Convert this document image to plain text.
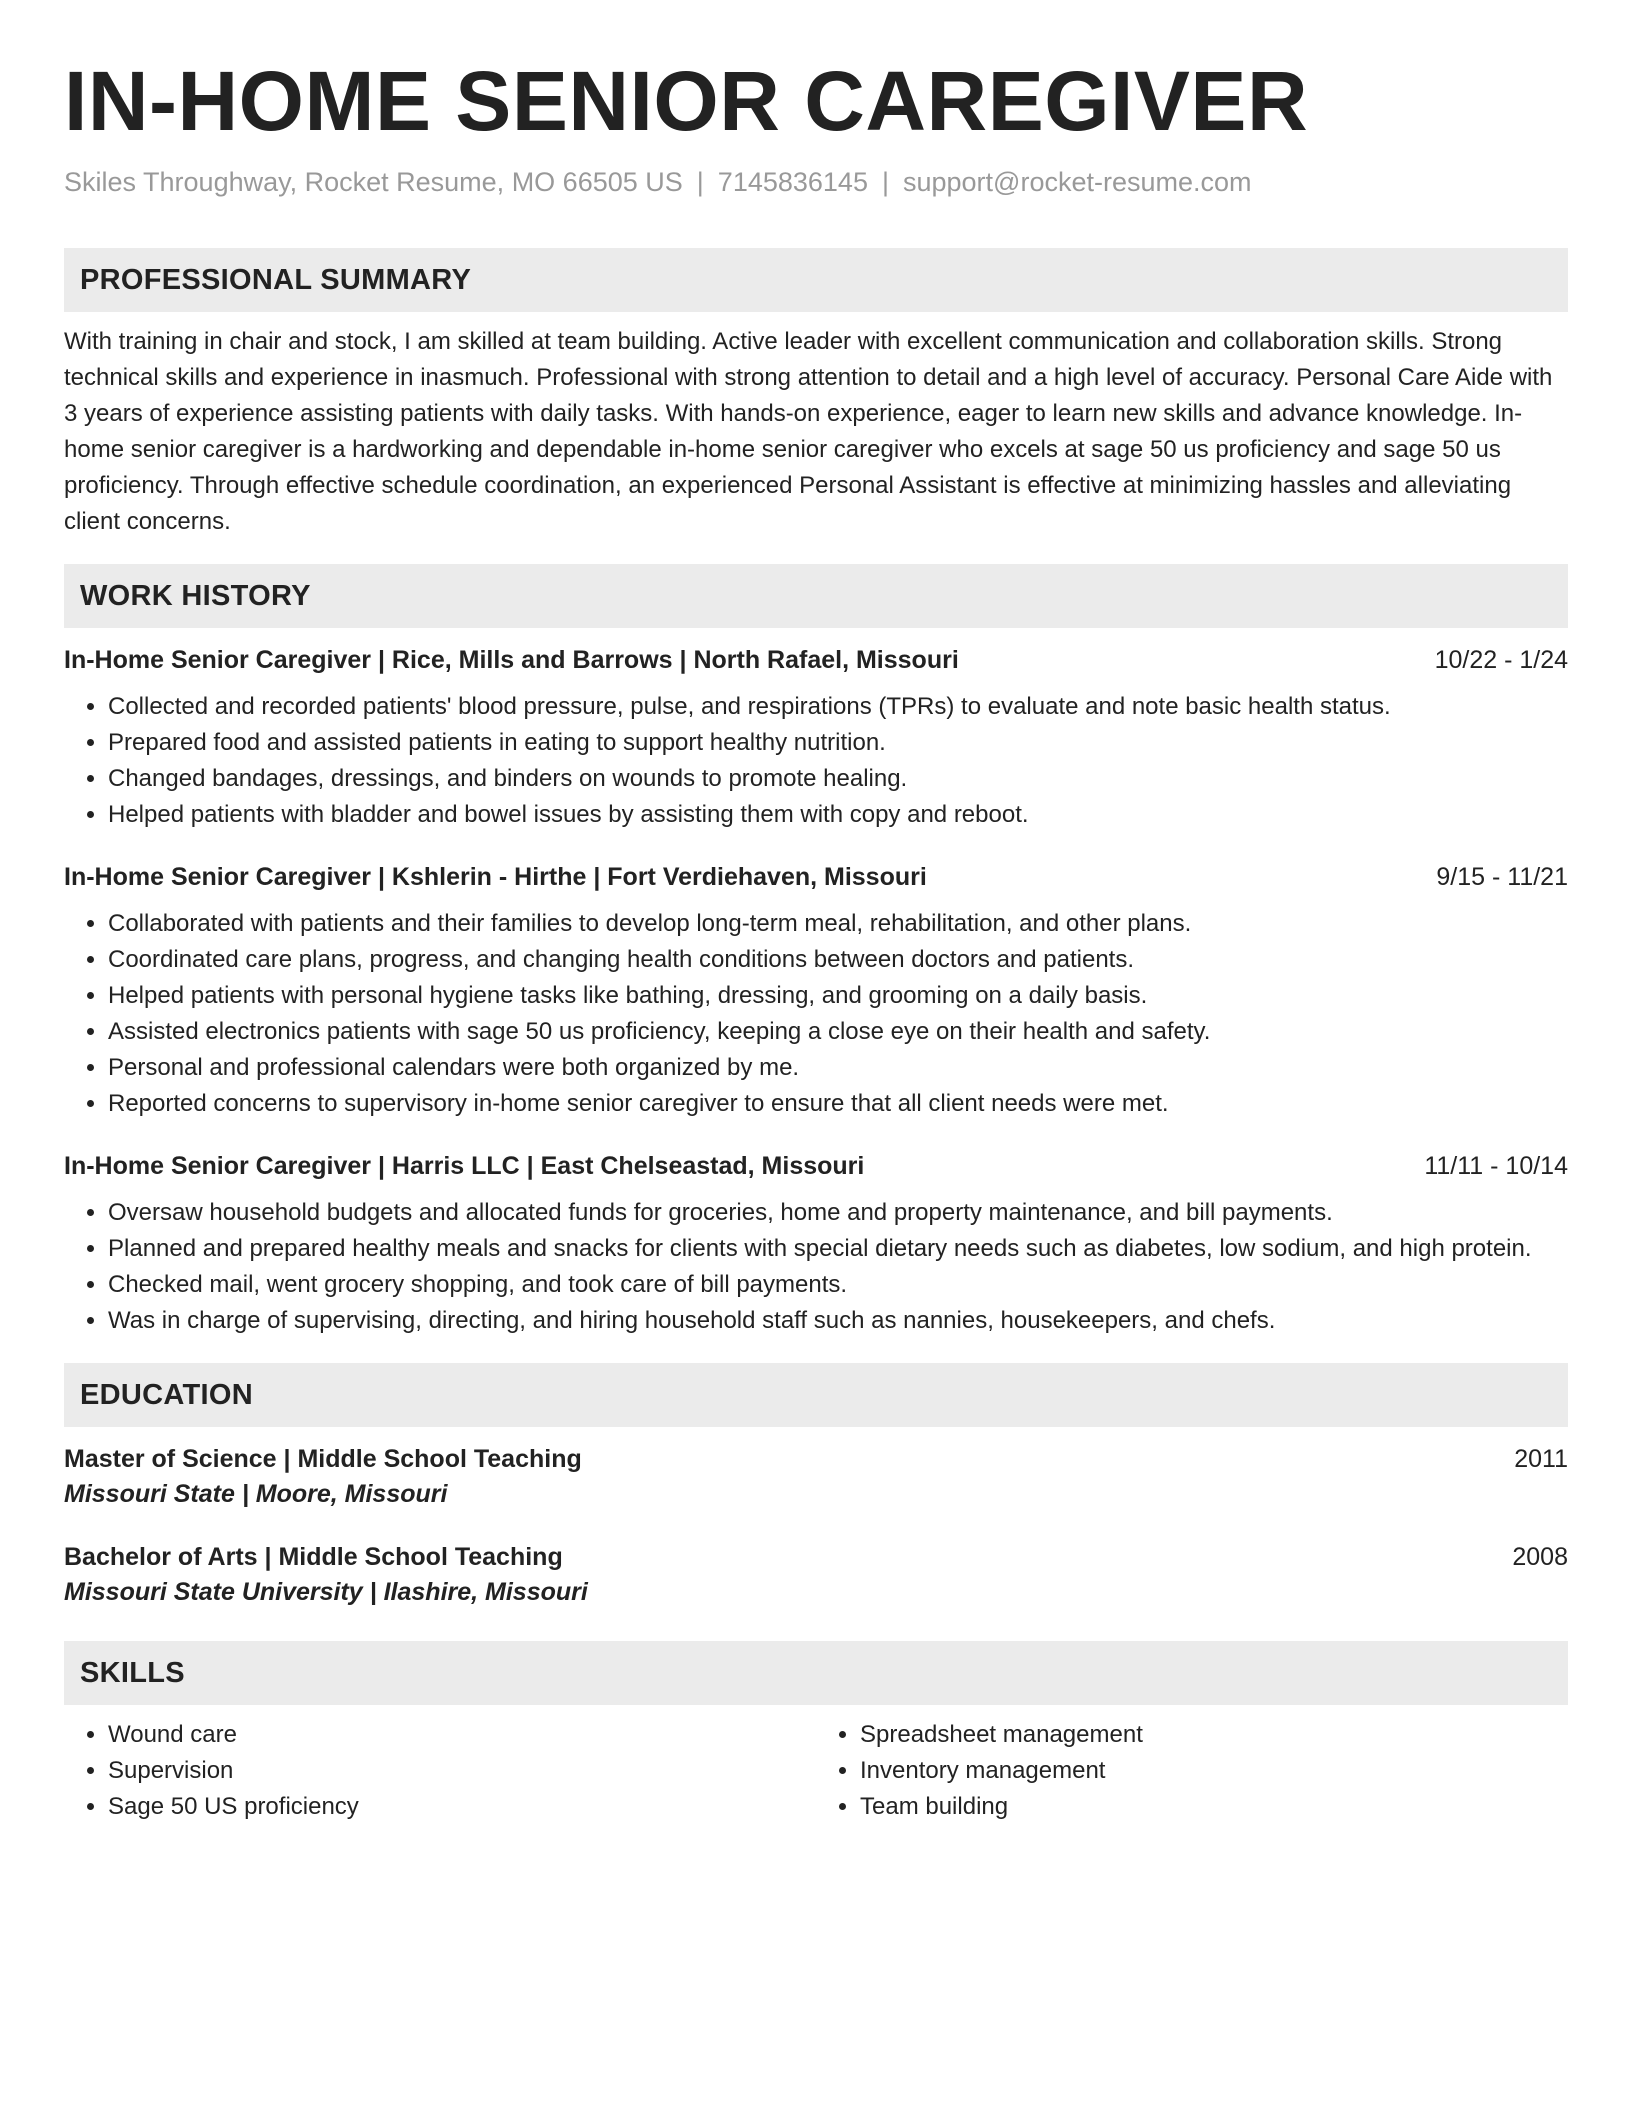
IN-HOME SENIOR CAREGIVER
Skiles Throughway, Rocket Resume, MO 66505 US | 7145836145 | support@rocket-resume.com
PROFESSIONAL SUMMARY

With training in chair and stock, I am skilled at team building. Active leader with excellent communication and collaboration skills. Strong technical skills and experience in inasmuch. Professional with strong attention to detail and a high level of accuracy. Personal Care Aide with 3 years of experience assisting patients with daily tasks. With hands-on experience, eager to learn new skills and advance knowledge. In-home senior caregiver is a hardworking and dependable in-home senior caregiver who excels at sage 50 us proficiency and sage 50 us proficiency. Through effective schedule coordination, an experienced Personal Assistant is effective at minimizing hassles and alleviating client concerns.

WORK HISTORY
In-Home Senior Caregiver | Rice, Mills and Barrows | North Rafael, Missouri	10/22 - 1/24
• Collected and recorded patients' blood pressure, pulse, and respirations (TPRs) to evaluate and note basic health status.
• Prepared food and assisted patients in eating to support healthy nutrition.
• Changed bandages, dressings, and binders on wounds to promote healing.
• Helped patients with bladder and bowel issues by assisting them with copy and reboot.
In-Home Senior Caregiver | Kshlerin - Hirthe | Fort Verdiehaven, Missouri	9/15 - 11/21
• Collaborated with patients and their families to develop long-term meal, rehabilitation, and other plans.
• Coordinated care plans, progress, and changing health conditions between doctors and patients.
• Helped patients with personal hygiene tasks like bathing, dressing, and grooming on a daily basis.
• Assisted electronics patients with sage 50 us proficiency, keeping a close eye on their health and safety.
• Personal and professional calendars were both organized by me.
• Reported concerns to supervisory in-home senior caregiver to ensure that all client needs were met.
In-Home Senior Caregiver | Harris LLC | East Chelseastad, Missouri	11/11 - 10/14
• Oversaw household budgets and allocated funds for groceries, home and property maintenance, and bill payments.
• Planned and prepared healthy meals and snacks for clients with special dietary needs such as diabetes, low sodium, and high protein.
• Checked mail, went grocery shopping, and took care of bill payments.
• Was in charge of supervising, directing, and hiring household staff such as nannies, housekeepers, and chefs.
EDUCATION
Master of Science | Middle School Teaching	2011
Missouri State | Moore, Missouri
Bachelor of Arts | Middle School Teaching	2008
Missouri State University | Ilashire, Missouri
SKILLS
• Wound care
• Supervision
• Sage 50 US proficiency
• Spreadsheet management
• Inventory management
• Team building
